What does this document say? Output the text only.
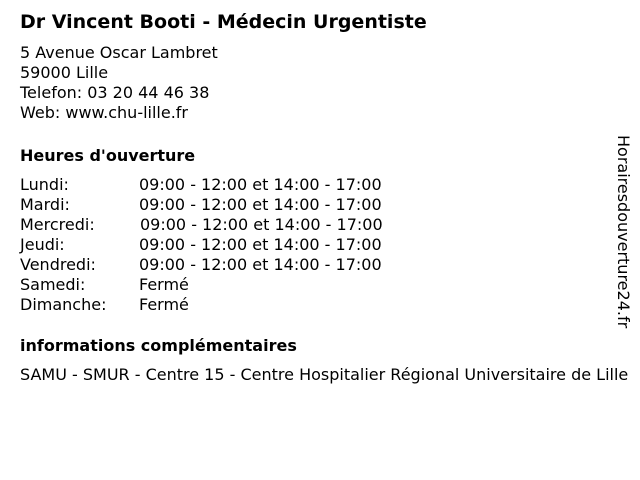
Dr Vincent Booti - Médecin Urgentiste
5 Avenue Oscar Lambret
59000 Lille
Telefon: 03 20 44 46 38
Web: www.chu-lille.fr
Heures d'ouverture
Lundi:	09:00 - 12:00 et 14:00 - 17:00
Mardi:	09:00 - 12:00 et 14:00 - 17:00
Mercredi:	09:00 - 12:00 et 14:00 - 17:00
Jeudi:	09:00 - 12:00 et 14:00 - 17:00
Vendredi:	09:00 - 12:00 et 14:00 - 17:00
Samedi:	Fermé
Dimanche: Fermé
informations complémentaires
SAMU - SMUR - Centre 15 - Centre Hospitalier Régional Universitaire de Lille
Horairesdouverture24.fr
